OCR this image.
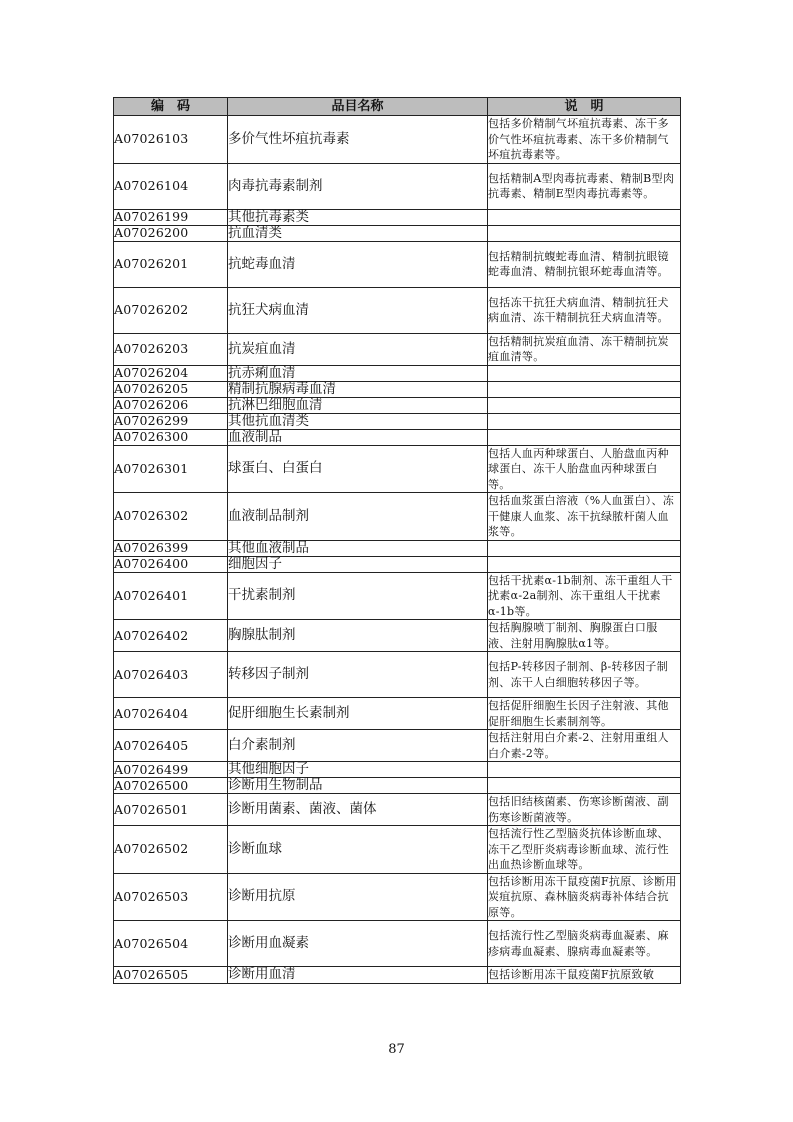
编　码	品目名称	说　明
A07026103	多价气性坏疽抗毒素	包括多价精制气坏疽抗毒素、冻干多价气性坏疽抗毒素、冻干多价精制气坏疽抗毒素等。
A07026104	肉毒抗毒素制剂	包括精制A型肉毒抗毒素、精制B型肉抗毒素、精制E型肉毒抗毒素等。
A07026199	其他抗毒素类	
A07026200	抗血清类	
A07026201	抗蛇毒血清	包括精制抗蝮蛇毒血清、精制抗眼镜蛇毒血清、精制抗银环蛇毒血清等。
A07026202	抗狂犬病血清	包括冻干抗狂犬病血清、精制抗狂犬病血清、冻干精制抗狂犬病血清等。
A07026203	抗炭疽血清	包括精制抗炭疽血清、冻干精制抗炭疽血清等。
A07026204	抗赤痢血清	
A07026205	精制抗腺病毒血清	
A07026206	抗淋巴细胞血清	
A07026299	其他抗血清类	
A07026300	血液制品	
A07026301	球蛋白、白蛋白	包括人血丙种球蛋白、人胎盘血丙种球蛋白、冻干人胎盘血丙种球蛋白等。
A07026302	血液制品制剂	包括血浆蛋白溶液（%人血蛋白）、冻干健康人血浆、冻干抗绿脓杆菌人血浆等。
A07026399	其他血液制品	
A07026400	细胞因子	
A07026401	干扰素制剂	包括干扰素α-1b制剂、冻干重组人干扰素α-2a制剂、冻干重组人干扰素α-1b等。
A07026402	胸腺肽制剂	包括胸腺喷丁制剂、胸腺蛋白口服液、注射用胸腺肽α1等。
A07026403	转移因子制剂	包括P-转移因子制剂、β-转移因子制剂、冻干人白细胞转移因子等。
A07026404	促肝细胞生长素制剂	包括促肝细胞生长因子注射液、其他促肝细胞生长素制剂等。
A07026405	白介素制剂	包括注射用白介素-2、注射用重组人白介素-2等。
A07026499	其他细胞因子	
A07026500	诊断用生物制品	
A07026501	诊断用菌素、菌液、菌体	包括旧结核菌素、伤寒诊断菌液、副伤寒诊断菌液等。
A07026502	诊断血球	包括流行性乙型脑炎抗体诊断血球、冻干乙型肝炎病毒诊断血球、流行性出血热诊断血球等。
A07026503	诊断用抗原	包括诊断用冻干鼠疫菌F抗原、诊断用炭疽抗原、森林脑炎病毒补体结合抗原等。
A07026504	诊断用血凝素	包括流行性乙型脑炎病毒血凝素、麻疹病毒血凝素、腺病毒血凝素等。
A07026505	诊断用血清	包括诊断用冻干鼠疫菌F抗原致敏
87
